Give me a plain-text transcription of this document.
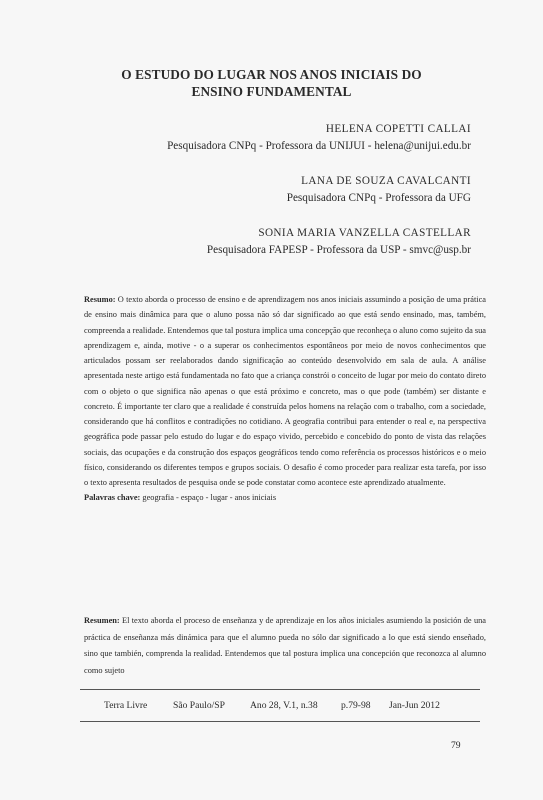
O ESTUDO DO LUGAR NOS ANOS INICIAIS DO
ENSINO FUNDAMENTAL
HELENA COPETTI CALLAI
Pesquisadora CNPq - Professora da UNIJUI - helena@unijui.edu.br
LANA DE SOUZA CAVALCANTI
Pesquisadora CNPq - Professora da UFG
SONIA MARIA VANZELLA CASTELLAR
Pesquisadora FAPESP - Professora da USP - smvc@usp.br

Resumo: O texto aborda o processo de ensino e de aprendizagem nos anos iniciais assumindo a posição de uma prática de ensino mais dinâmica para que o aluno possa não só dar significado ao que está sendo ensinado, mas, também, compreenda a realidade. Entendemos que tal postura implica uma concepção que reconheça o aluno como sujeito da sua aprendizagem e, ainda, motive - o a superar os conhecimentos espontâneos por meio de novos conhecimentos que articulados possam ser reelaborados dando significação ao conteúdo desenvolvido em sala de aula. A análise apresentada neste artigo está fundamentada no fato que a criança constrói o conceito de lugar por meio do contato direto com o objeto o que significa não apenas o que está próximo e concreto, mas o que pode (também) ser distante e concreto. É importante ter claro que a realidade é construída pelos homens na relação com o trabalho, com a sociedade, considerando que há conflitos e contradições no cotidiano. A geografia contribui para entender o real e, na perspectiva geográfica pode passar pelo estudo do lugar e do espaço vivido, percebido e concebido do ponto de vista das relações sociais, das ocupações e da construção dos espaços geográficos tendo como referência os processos históricos e o meio físico, considerando os diferentes tempos e grupos sociais. O desafio é como proceder para realizar esta tarefa, por isso o texto apresenta resultados de pesquisa onde se pode constatar como acontece este aprendizado atualmente.

Palavras chave: geografia - espaço - lugar - anos iniciais

Resumen: El texto aborda el proceso de enseñanza y de aprendizaje en los años iniciales asumiendo la posición de una práctica de enseñanza más dinámica para que el alumno pueda no sólo dar significado a lo que está siendo enseñado, sino que también, comprenda la realidad. Entendemos que tal postura implica una concepción que reconozca al alumno como sujeto

Terra Livre	São Paulo/SP	Ano 28, V.1, n.38 p.79-98 Jan-Jun 2012
79
